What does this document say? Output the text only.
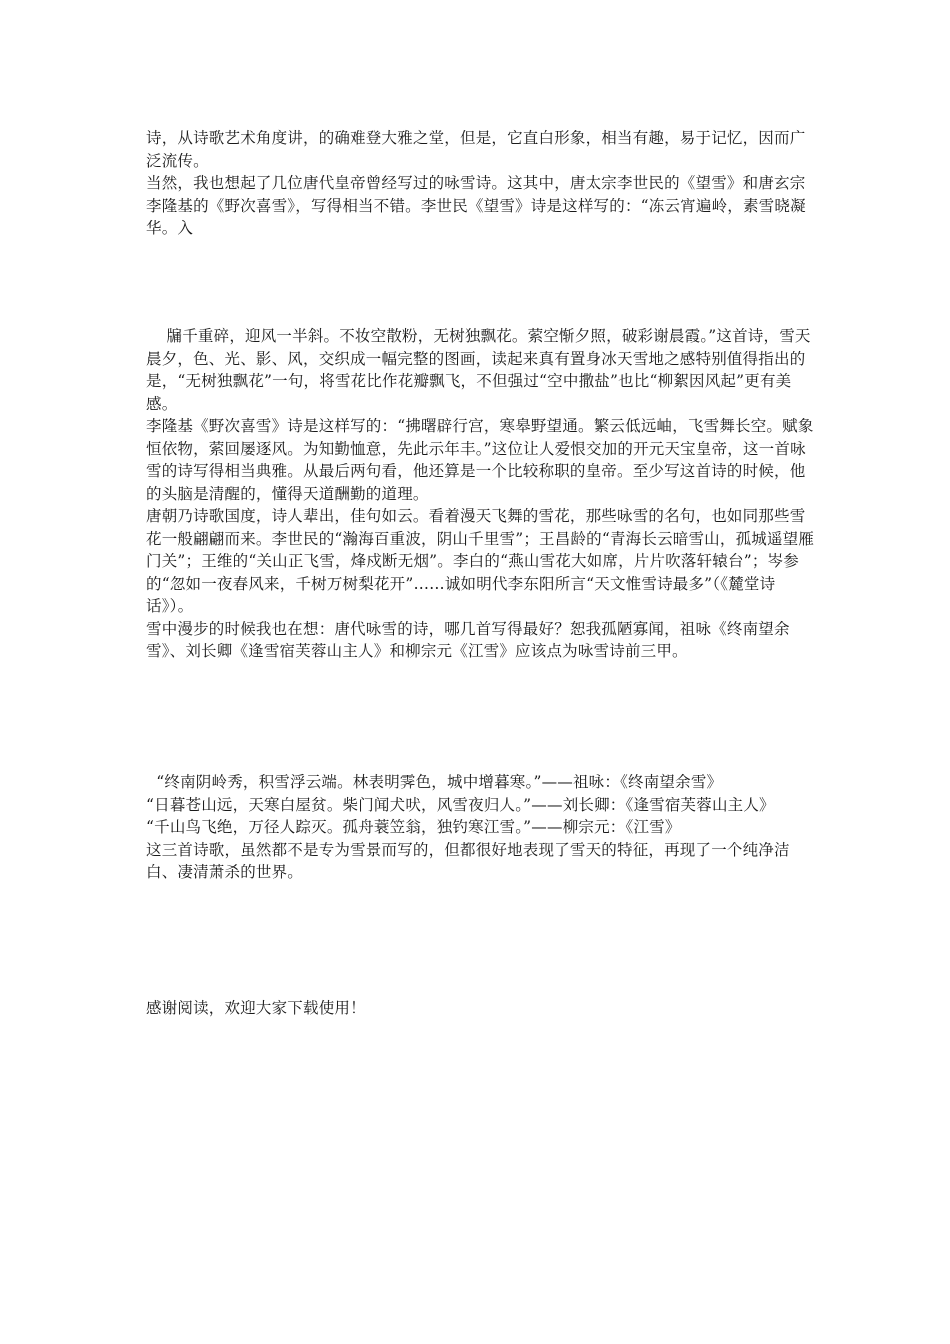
诗，从诗歌艺术角度讲，的确难登大雅之堂，但是，它直白形象，相当有趣，易于记忆，因而广泛流传。

当然，我也想起了几位唐代皇帝曾经写过的咏雪诗。这其中，唐太宗李世民的《望雪》和唐玄宗李隆基的《野次喜雪》，写得相当不错。李世民《望雪》诗是这样写的：“冻云宵遍岭，素雪晓凝华。入

牖千重碎，迎风一半斜。不妆空散粉，无树独飘花。萦空惭夕照，破彩谢晨霞。”这首诗，雪天晨夕，色、光、影、风，交织成一幅完整的图画，读起来真有置身冰天雪地之感特别值得指出的是，“无树独飘花”一句，将雪花比作花瓣飘飞，不但强过“空中撒盐”也比“柳絮因风起”更有美感。

李隆基《野次喜雪》诗是这样写的：“拂曙辟行宫，寒皋野望通。繁云低远岫，飞雪舞长空。赋象恒依物，萦回屡逐风。为知勤恤意，先此示年丰。”这位让人爱恨交加的开元天宝皇帝，这一首咏雪的诗写得相当典雅。从最后两句看，他还算是一个比较称职的皇帝。至少写这首诗的时候，他的头脑是清醒的，懂得天道酬勤的道理。

唐朝乃诗歌国度，诗人辈出，佳句如云。看着漫天飞舞的雪花，那些咏雪的名句，也如同那些雪花一般翩翩而来。李世民的“瀚海百重波，阴山千里雪”；王昌龄的“青海长云暗雪山，孤城遥望雁门关”；王维的“关山正飞雪，烽戍断无烟”。李白的“燕山雪花大如席，片片吹落轩辕台”；岑参的“忽如一夜春风来，千树万树梨花开”……诚如明代李东阳所言“天文惟雪诗最多”（《麓堂诗话》）。

雪中漫步的时候我也在想：唐代咏雪的诗，哪几首写得最好？恕我孤陋寡闻，祖咏《终南望余雪》、刘长卿《逢雪宿芙蓉山主人》和柳宗元《江雪》应该点为咏雪诗前三甲。

“终南阴岭秀，积雪浮云端。林表明霁色，城中增暮寒。”——祖咏：《终南望余雪》

“日暮苍山远，天寒白屋贫。柴门闻犬吠，风雪夜归人。”——刘长卿：《逢雪宿芙蓉山主人》

“千山鸟飞绝，万径人踪灭。孤舟蓑笠翁，独钓寒江雪。”——柳宗元：《江雪》

这三首诗歌，虽然都不是专为雪景而写的，但都很好地表现了雪天的特征，再现了一个纯净洁白、凄清萧杀的世界。

感谢阅读，欢迎大家下载使用！
